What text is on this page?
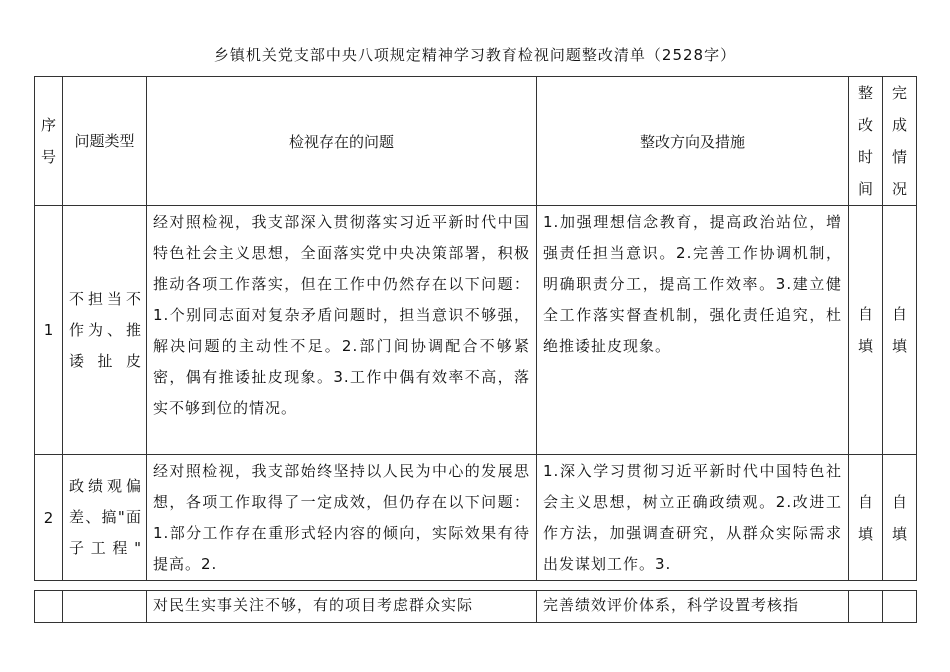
乡镇机关党支部中央八项规定精神学习教育检视问题整改清单（2528字）
序号	问题类型	检视存在的问题	整改方向及措施	整改时间	完成情况

1	不担当不作为、推诿扯皮	经对照检视，我支部深入贯彻落实习近平新时代中国特色社会主义思想，全面落实党中央决策部署，积极推动各项工作落实，但在工作中仍然存在以下问题：1.个别同志面对复杂矛盾问题时，担当意识不够强，解决问题的主动性不足。2.部门间协调配合不够紧密，偶有推诿扯皮现象。3.工作中偶有效率不高，落实不够到位的情况。	1.加强理想信念教育，提高政治站位，增强责任担当意识。2.完善工作协调机制，明确职责分工，提高工作效率。3.建立健全工作落实督查机制，强化责任追究，杜绝推诿扯皮现象。	自填	自填

2	政绩观偏差、搞"面子工程"	经对照检视，我支部始终坚持以人民为中心的发展思想，各项工作取得了一定成效，但仍存在以下问题：1.部分工作存在重形式轻内容的倾向，实际效果有待提高。2.	1.深入学习贯彻习近平新时代中国特色社会主义思想，树立正确政绩观。2.改进工作方法，加强调查研究，从群众实际需求出发谋划工作。3.	自填	自填
		对民生实事关注不够，有的项目考虑群众实际	完善绩效评价体系，科学设置考核指		
